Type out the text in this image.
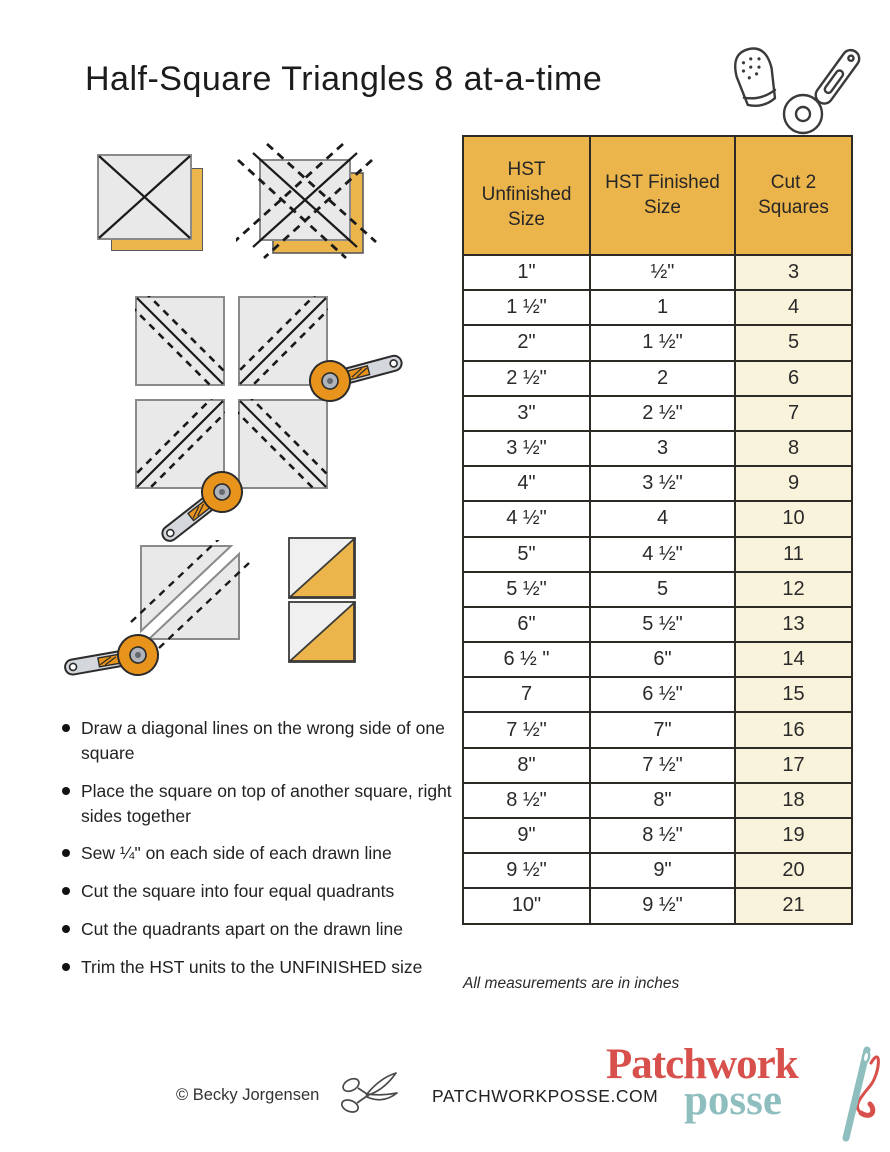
Half-Square Triangles 8 at-a-time
HST Unfinished Size	HST Finished Size	Cut 2 Squares
1"	½"	3
1 ½"	1	4
2"	1 ½"	5
2 ½"	2	6
3"	2 ½"	7
3 ½"	3	8
4"	3 ½"	9
4 ½"	4	10
5"	4 ½"	11
5 ½"	5	12
6"	5 ½"	13
6 ½ "	6"	14
7	6 ½"	15
7 ½"	7"	16
8"	7 ½"	17
8 ½"	8"	18
9"	8 ½"	19
9 ½"	9"	20
10"	9 ½"	21
All measurements are in inches
Draw a diagonal lines on the wrong side of one square
Place the square on top of another square, right sides together
Sew ¼" on each side of each drawn line
Cut the square into four equal quadrants
Cut the quadrants apart on the drawn line
Trim the HST units to the UNFINISHED size
© Becky Jorgensen	PATCHWORKPOSSE.COM
Patchwork
posse
